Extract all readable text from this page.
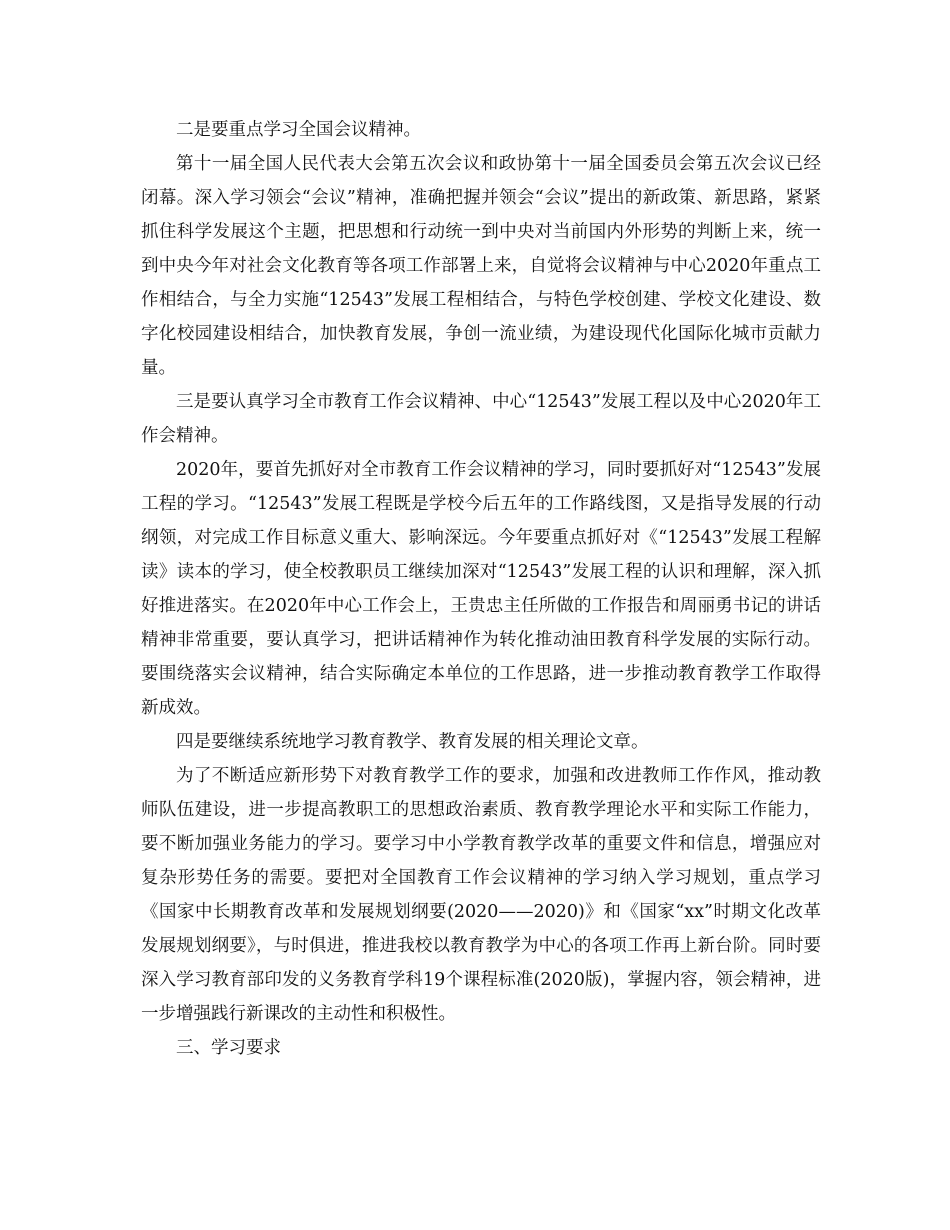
二是要重点学习全国会议精神。

第十一届全国人民代表大会第五次会议和政协第十一届全国委员会第五次会议已经闭幕。深入学习领会“会议”精神，准确把握并领会“会议”提出的新政策、新思路，紧紧抓住科学发展这个主题，把思想和行动统一到中央对当前国内外形势的判断上来，统一到中央今年对社会文化教育等各项工作部署上来，自觉将会议精神与中心2020年重点工作相结合，与全力实施“12543”发展工程相结合，与特色学校创建、学校文化建设、数字化校园建设相结合，加快教育发展，争创一流业绩，为建设现代化国际化城市贡献力量。

三是要认真学习全市教育工作会议精神、中心“12543”发展工程以及中心2020年工作会精神。

2020年，要首先抓好对全市教育工作会议精神的学习，同时要抓好对“12543”发展工程的学习。“12543”发展工程既是学校今后五年的工作路线图，又是指导发展的行动纲领，对完成工作目标意义重大、影响深远。今年要重点抓好对《“12543”发展工程解读》读本的学习，使全校教职员工继续加深对“12543”发展工程的认识和理解，深入抓好推进落实。在2020年中心工作会上，王贵忠主任所做的工作报告和周丽勇书记的讲话精神非常重要，要认真学习，把讲话精神作为转化推动油田教育科学发展的实际行动。要围绕落实会议精神，结合实际确定本单位的工作思路，进一步推动教育教学工作取得新成效。

四是要继续系统地学习教育教学、教育发展的相关理论文章。

为了不断适应新形势下对教育教学工作的要求，加强和改进教师工作作风，推动教师队伍建设，进一步提高教职工的思想政治素质、教育教学理论水平和实际工作能力，要不断加强业务能力的学习。要学习中小学教育教学改革的重要文件和信息，增强应对复杂形势任务的需要。要把对全国教育工作会议精神的学习纳入学习规划，重点学习《国家中长期教育改革和发展规划纲要(2020——2020)》和《国家“xx”时期文化改革发展规划纲要》，与时俱进，推进我校以教育教学为中心的各项工作再上新台阶。同时要深入学习教育部印发的义务教育学科19个课程标准(2020版)，掌握内容，领会精神，进一步增强践行新课改的主动性和积极性。

三、学习要求
